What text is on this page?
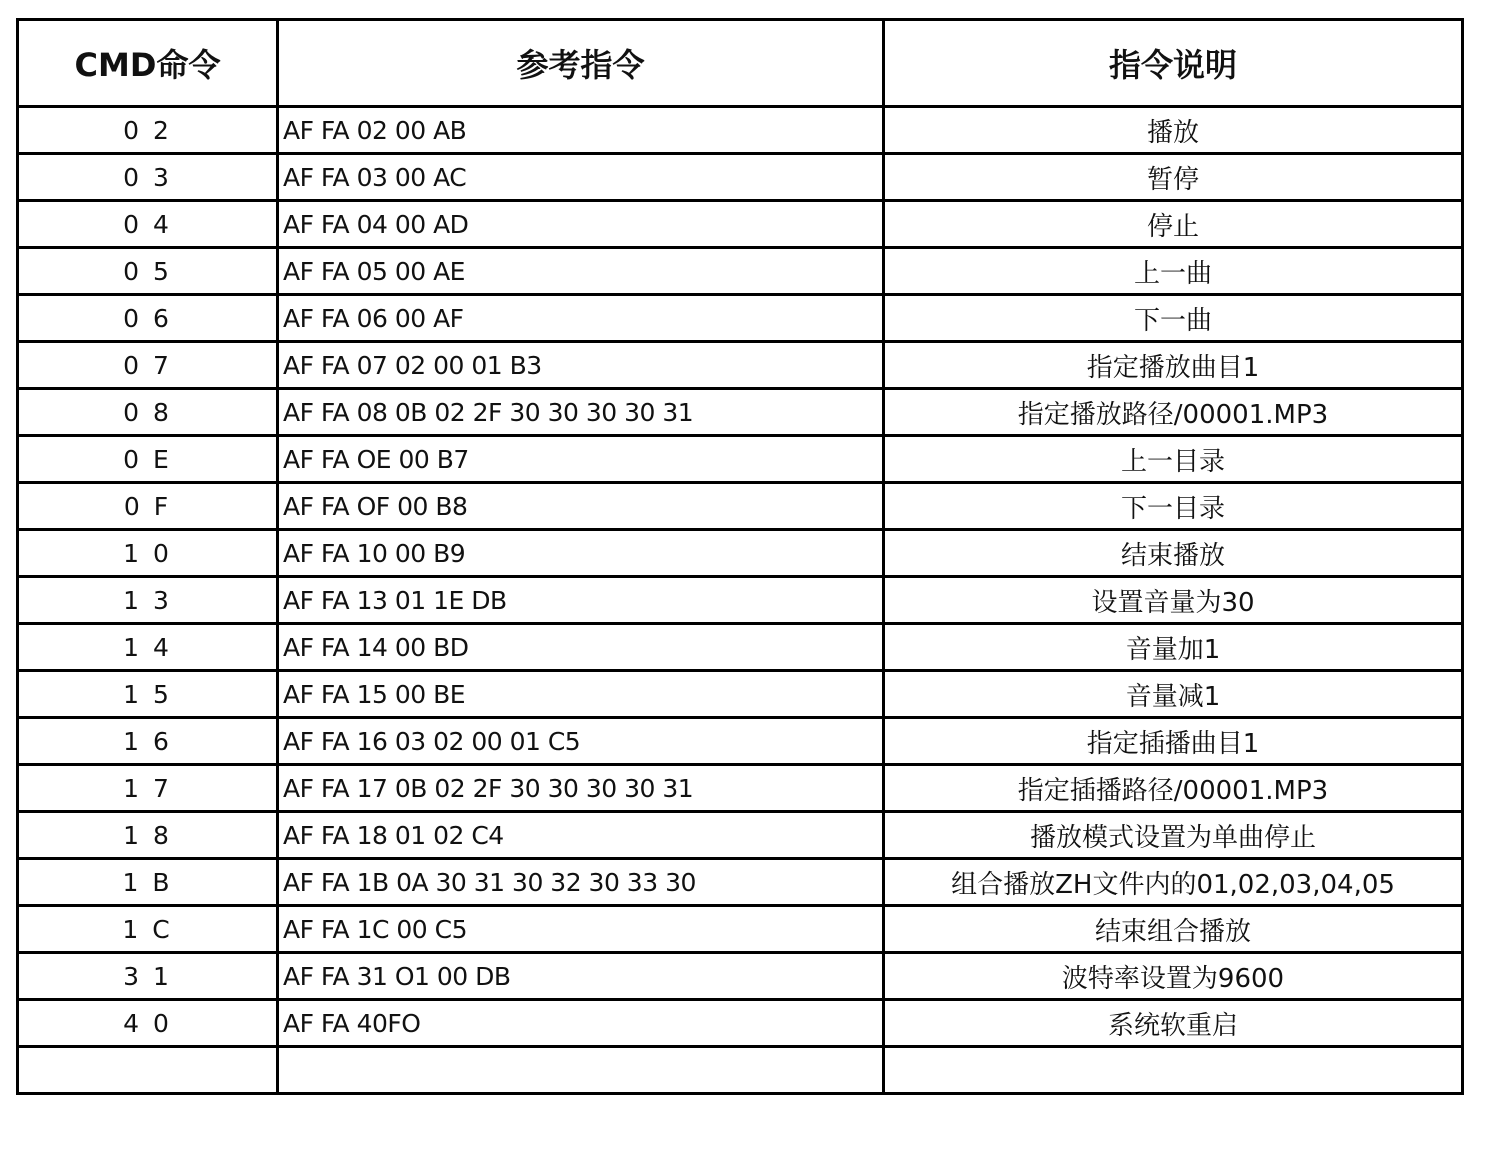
CMD命令	参考指令	指令说明
0 2	AF FA 02 00 AB	播放
0 3	AF FA 03 00 AC	暂停
0 4	AF FA 04 00 AD	停止
0 5	AF FA 05 00 AE	上一曲
0 6	AF FA 06 00 AF	下一曲
0 7	AF FA 07 02 00 01 B3	指定播放曲目1
0 8	AF FA 08 0B 02 2F 30 30 30 30 31	指定播放路径/00001.MP3
0 E	AF FA OE 00 B7	上一目录
0 F	AF FA OF 00 B8	下一目录
1 0	AF FA 10 00 B9	结束播放
1 3	AF FA 13 01 1E DB	设置音量为30
1 4	AF FA 14 00 BD	音量加1
1 5	AF FA 15 00 BE	音量减1
1 6	AF FA 16 03 02 00 01 C5	指定插播曲目1
1 7	AF FA 17 0B 02 2F 30 30 30 30 31	指定插播路径/00001.MP3
1 8	AF FA 18 01 02 C4	播放模式设置为单曲停止
1 B	AF FA 1B 0A 30 31 30 32 30 33 30	组合播放ZH文件内的01,02,03,04,05
1 C	AF FA 1C 00 C5	结束组合播放
3 1	AF FA 31 O1 00 DB	波特率设置为9600
4 0	AF FA 40FO	系统软重启
